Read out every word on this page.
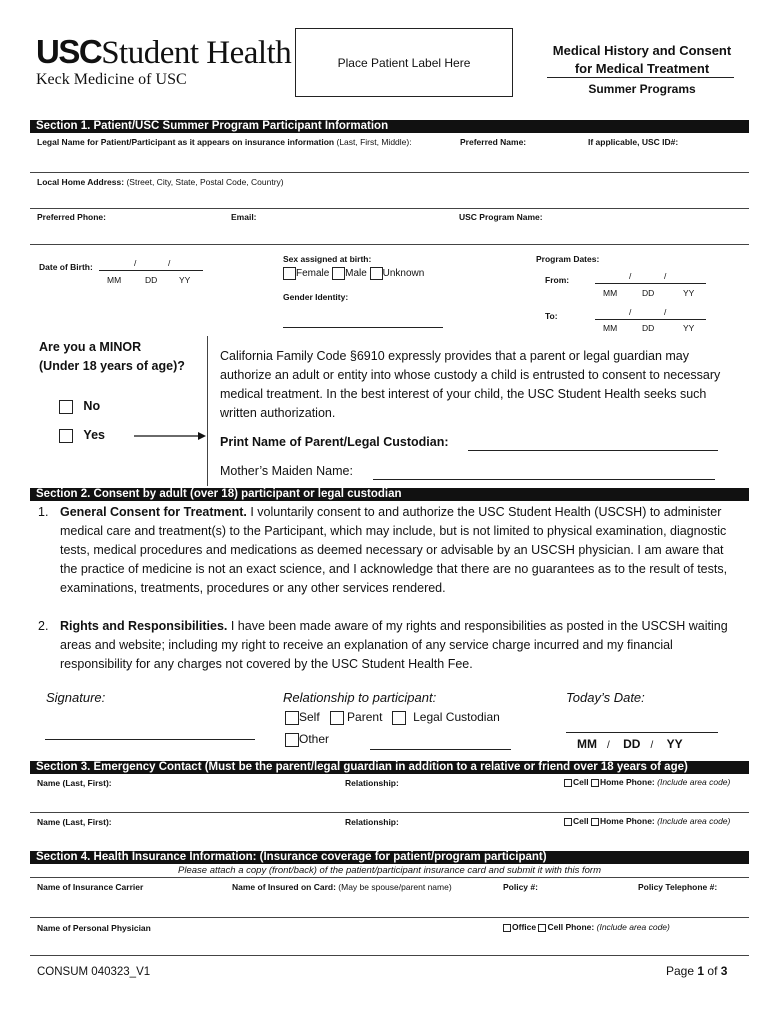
USCStudent Health
Keck Medicine of USC
Place Patient Label Here
Medical History and Consent
for Medical Treatment
Summer Programs
Section 1. Patient/USC Summer Program Participant Information
Legal Name for Patient/Participant as it appears on insurance information (Last, First, Middle):	Preferred Name:	If applicable, USC ID#:
Local Home Address: (Street, City, State, Postal Code, Country)
Preferred Phone:	Email:	USC Program Name:
Date of Birth:	/	/
MM	DD	YY
Sex assigned at birth:
Female Male Unknown
Gender Identity:
Program Dates:
From:	/	/
MM	DD	YY
To:	/	/
MM	DD	YY
Are you a MINOR
(Under 18 years of age)?
No
Yes
California Family Code §6910 expressly provides that a parent or legal guardian may authorize an adult or entity into whose custody a child is entrusted to consent to necessary medical treatment. In the best interest of your child, the USC Student Health seeks such written authorization.
Print Name of Parent/Legal Custodian:
Mother’s Maiden Name:
Section 2. Consent by adult (over 18) participant or legal custodian
1. General Consent for Treatment. I voluntarily consent to and authorize the USC Student Health (USCSH) to administer medical care and treatment(s) to the Participant, which may include, but is not limited to physical examination, diagnostic tests, medical procedures and medications as deemed necessary or advisable by an USCSH physician. I am aware that the practice of medicine is not an exact science, and I acknowledge that there are no guarantees as to the result of tests, examinations, treatments, procedures or any other services rendered.
2. Rights and Responsibilities. I have been made aware of my rights and responsibilities as posted in the USCSH waiting areas and website; including my right to receive an explanation of any service charge incurred and my financial responsibility for any charges not covered by the USC Student Health Fee.
Signature:	Relationship to participant:
Self Parent	Legal Custodian
Other
Today’s Date:
MM / DD / YY
Section 3. Emergency Contact (Must be the parent/legal guardian in addition to a relative or friend over 18 years of age)
Name (Last, First):	Relationship:	Cell Home Phone: (Include area code)
Name (Last, First):	Relationship:	Cell Home Phone: (Include area code)
Section 4. Health Insurance Information: (Insurance coverage for patient/program participant)
Please attach a copy (front/back) of the patient/participant insurance card and submit it with this form
Name of Insurance Carrier	Name of Insured on Card: (May be spouse/parent name)	Policy #:	Policy Telephone #:
Name of Personal Physician	Office Cell Phone: (Include area code)
CONSUM 040323_V1	Page 1 of 3
